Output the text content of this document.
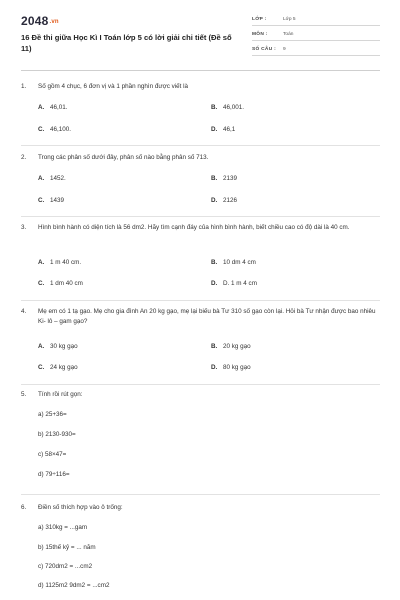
2048.vn
16 Đề thi giữa Học Kì I Toán lớp 5 có lời giải chi tiết (Đề số 11)
LỚP :	Lớp 5
MÔN :	Toán
SỐ CÂU : 9
1. Số gồm 4 chục, 6 đơn vị và 1 phần nghìn được viết là
A. 46,01.	B. 46,001.
C. 46,100.	D. 46,1
2. Trong các phân số dưới đây, phân số nào bằng phân số 713.
A. 1452.	B. 2139
C. 1439	D. 2126
3. Hình bình hành có diện tích là 56 dm2. Hãy tìm cạnh đáy của hình bình hành, biết chiều cao có độ dài là 40 cm.
A. 1 m 40 cm.	B. 10 dm 4 cm
C. 1 dm 40 cm	D. D. 1 m 4 cm
4. Mẹ em có 1 tạ gạo. Mẹ cho gia đình An 20 kg gạo, mẹ lại biếu bà Tư 310 số gạo còn lại. Hỏi bà Tư nhận được bao nhiêu Ki- lô – gam gạo?
A. 30 kg gạo	B. 20 kg gạo
C. 24 kg gạo	D. 80 kg gạo
5. Tính rồi rút gọn:
a) 25+36=
b) 2130-930=
c) 58×47=
d) 79÷116=
6. Điền số thích hợp vào ô trống:
a) 310kg = ...gam
b) 15thế kỷ = ... năm
c) 720dm2 = ...cm2
d) 1125m2 9dm2 = ...cm2
